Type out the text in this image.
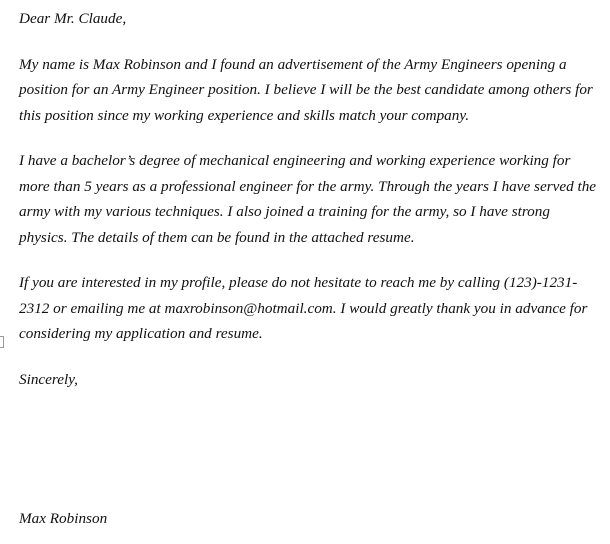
Dear Mr. Claude,

My name is Max Robinson and I found an advertisement of the Army Engineers opening a position for an Army Engineer position. I believe I will be the best candidate among others for this position since my working experience and skills match your company.

I have a bachelor’s degree of mechanical engineering and working experience working for more than 5 years as a professional engineer for the army. Through the years I have served the army with my various techniques. I also joined a training for the army, so I have strong physics. The details of them can be found in the attached resume.

If you are interested in my profile, please do not hesitate to reach me by calling (123)-1231-2312 or emailing me at maxrobinson@hotmail.com. I would greatly thank you in advance for considering my application and resume.

Sincerely,

Max Robinson
